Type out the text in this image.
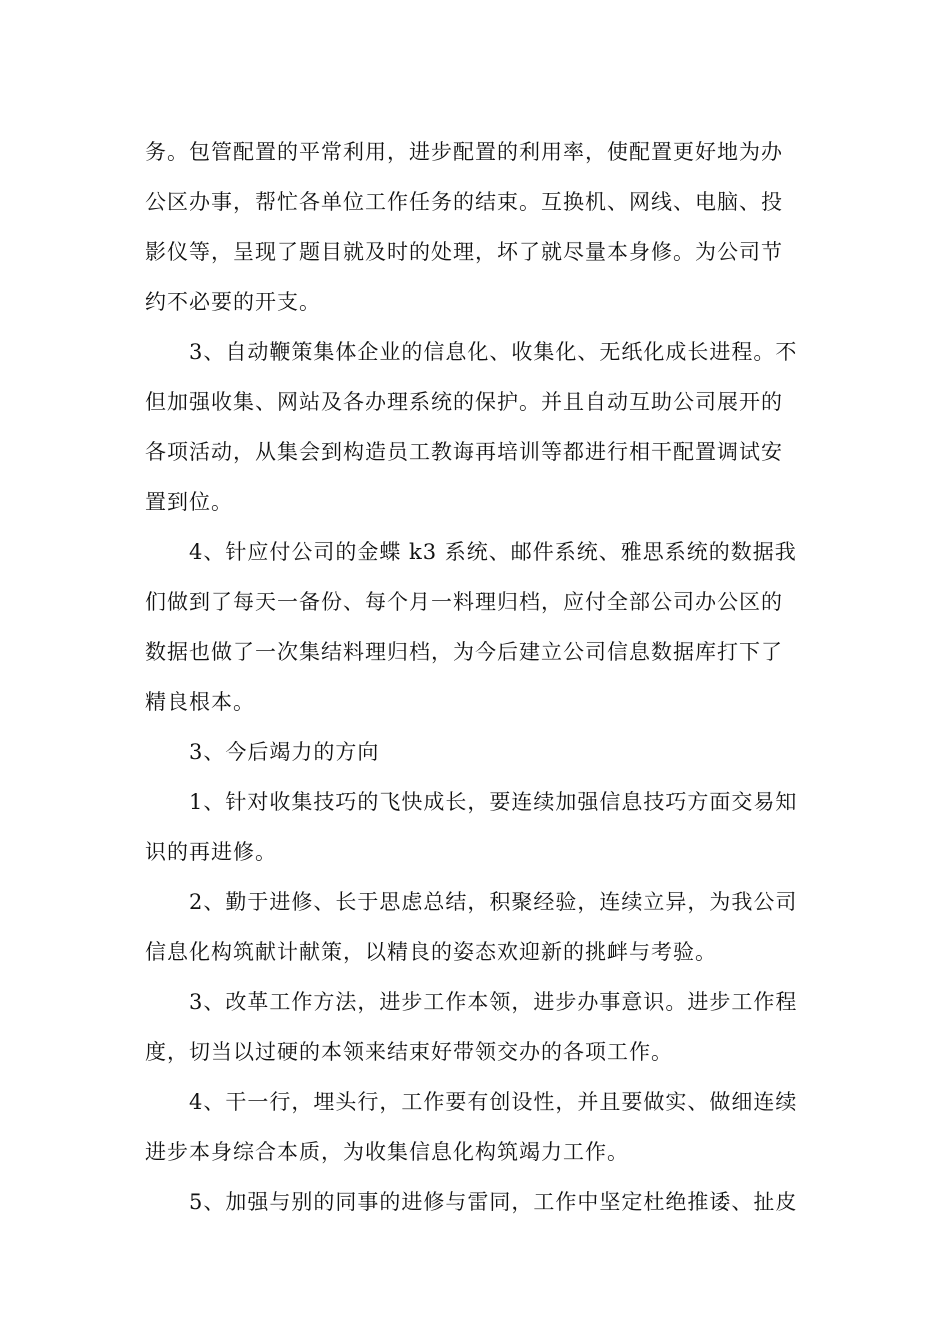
务。包管配置的平常利用，进步配置的利用率，使配置更好地为办
公区办事，帮忙各单位工作任务的结束。互换机、网线、电脑、投
影仪等，呈现了题目就及时的处理，坏了就尽量本身修。为公司节
约不必要的开支。
3、自动鞭策集体企业的信息化、收集化、无纸化成长进程。不
但加强收集、网站及各办理系统的保护。并且自动互助公司展开的
各项活动，从集会到构造员工教诲再培训等都进行相干配置调试安
置到位。
4、针应付公司的金蝶 k3 系统、邮件系统、雅思系统的数据我
们做到了每天一备份、每个月一料理归档，应付全部公司办公区的
数据也做了一次集结料理归档，为今后建立公司信息数据库打下了
精良根本。
3、今后竭力的方向
1、针对收集技巧的飞快成长，要连续加强信息技巧方面交易知
识的再进修。
2、勤于进修、长于思虑总结，积聚经验，连续立异，为我公司
信息化构筑献计献策，以精良的姿态欢迎新的挑衅与考验。
3、改革工作方法，进步工作本领，进步办事意识。进步工作程
度，切当以过硬的本领来结束好带领交办的各项工作。
4、干一行，埋头行，工作要有创设性，并且要做实、做细连续
进步本身综合本质，为收集信息化构筑竭力工作。
5、加强与别的同事的进修与雷同，工作中坚定杜绝推诿、扯皮
